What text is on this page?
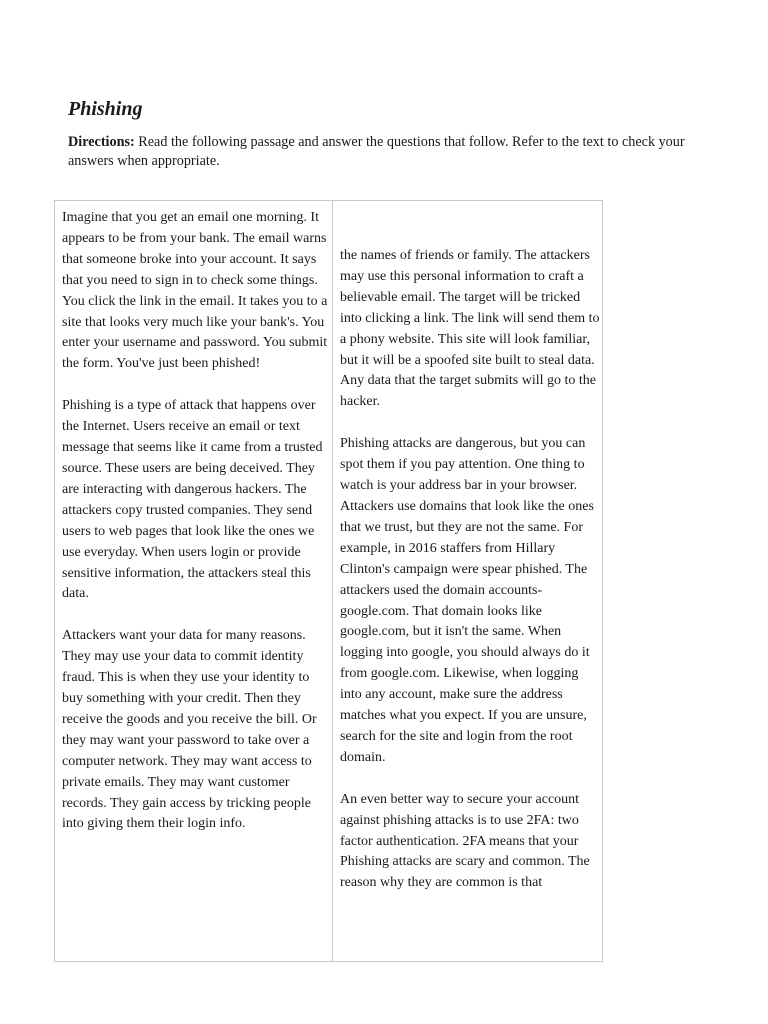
Phishing

Directions: Read the following passage and answer the questions that follow. Refer to the text to check your answers when appropriate.

Imagine that you get an email one morning. It appears to be from your bank. The email warns that someone broke into your account. It says that you need to sign in to check some things. You click the link in the email. It takes you to a site that looks very much like your bank's. You enter your username and password. You submit the form. You've just been phished!

Phishing is a type of attack that happens over the Internet. Users receive an email or text message that seems like it came from a trusted source. These users are being deceived. They are interacting with dangerous hackers. The attackers copy trusted companies. They send users to web pages that look like the ones we use everyday. When users login or provide sensitive information, the attackers steal this data.

Attackers want your data for many reasons. They may use your data to commit identity fraud. This is when they use your identity to buy something with your credit. Then they receive the goods and you receive the bill. Or they may want your password to take over a computer network. They may want access to private emails. They may want customer records. They gain access by tricking people into giving them their login info.

the names of friends or family. The attackers may use this personal information to craft a believable email. The target will be tricked into clicking a link. The link will send them to a phony website. This site will look familiar, but it will be a spoofed site built to steal data. Any data that the target submits will go to the hacker.

Phishing attacks are dangerous, but you can spot them if you pay attention. One thing to watch is your address bar in your browser. Attackers use domains that look like the ones that we trust, but they are not the same. For example, in 2016 staffers from Hillary Clinton's campaign were spear phished. The attackers used the domain accounts-google.com. That domain looks like google.com, but it isn't the same. When logging into google, you should always do it from google.com. Likewise, when logging into any account, make sure the address matches what you expect. If you are unsure, search for the site and login from the root domain.

An even better way to secure your account against phishing attacks is to use 2FA: two factor authentication. 2FA means that your

Phishing attacks are scary and common. The reason why they are common is that
